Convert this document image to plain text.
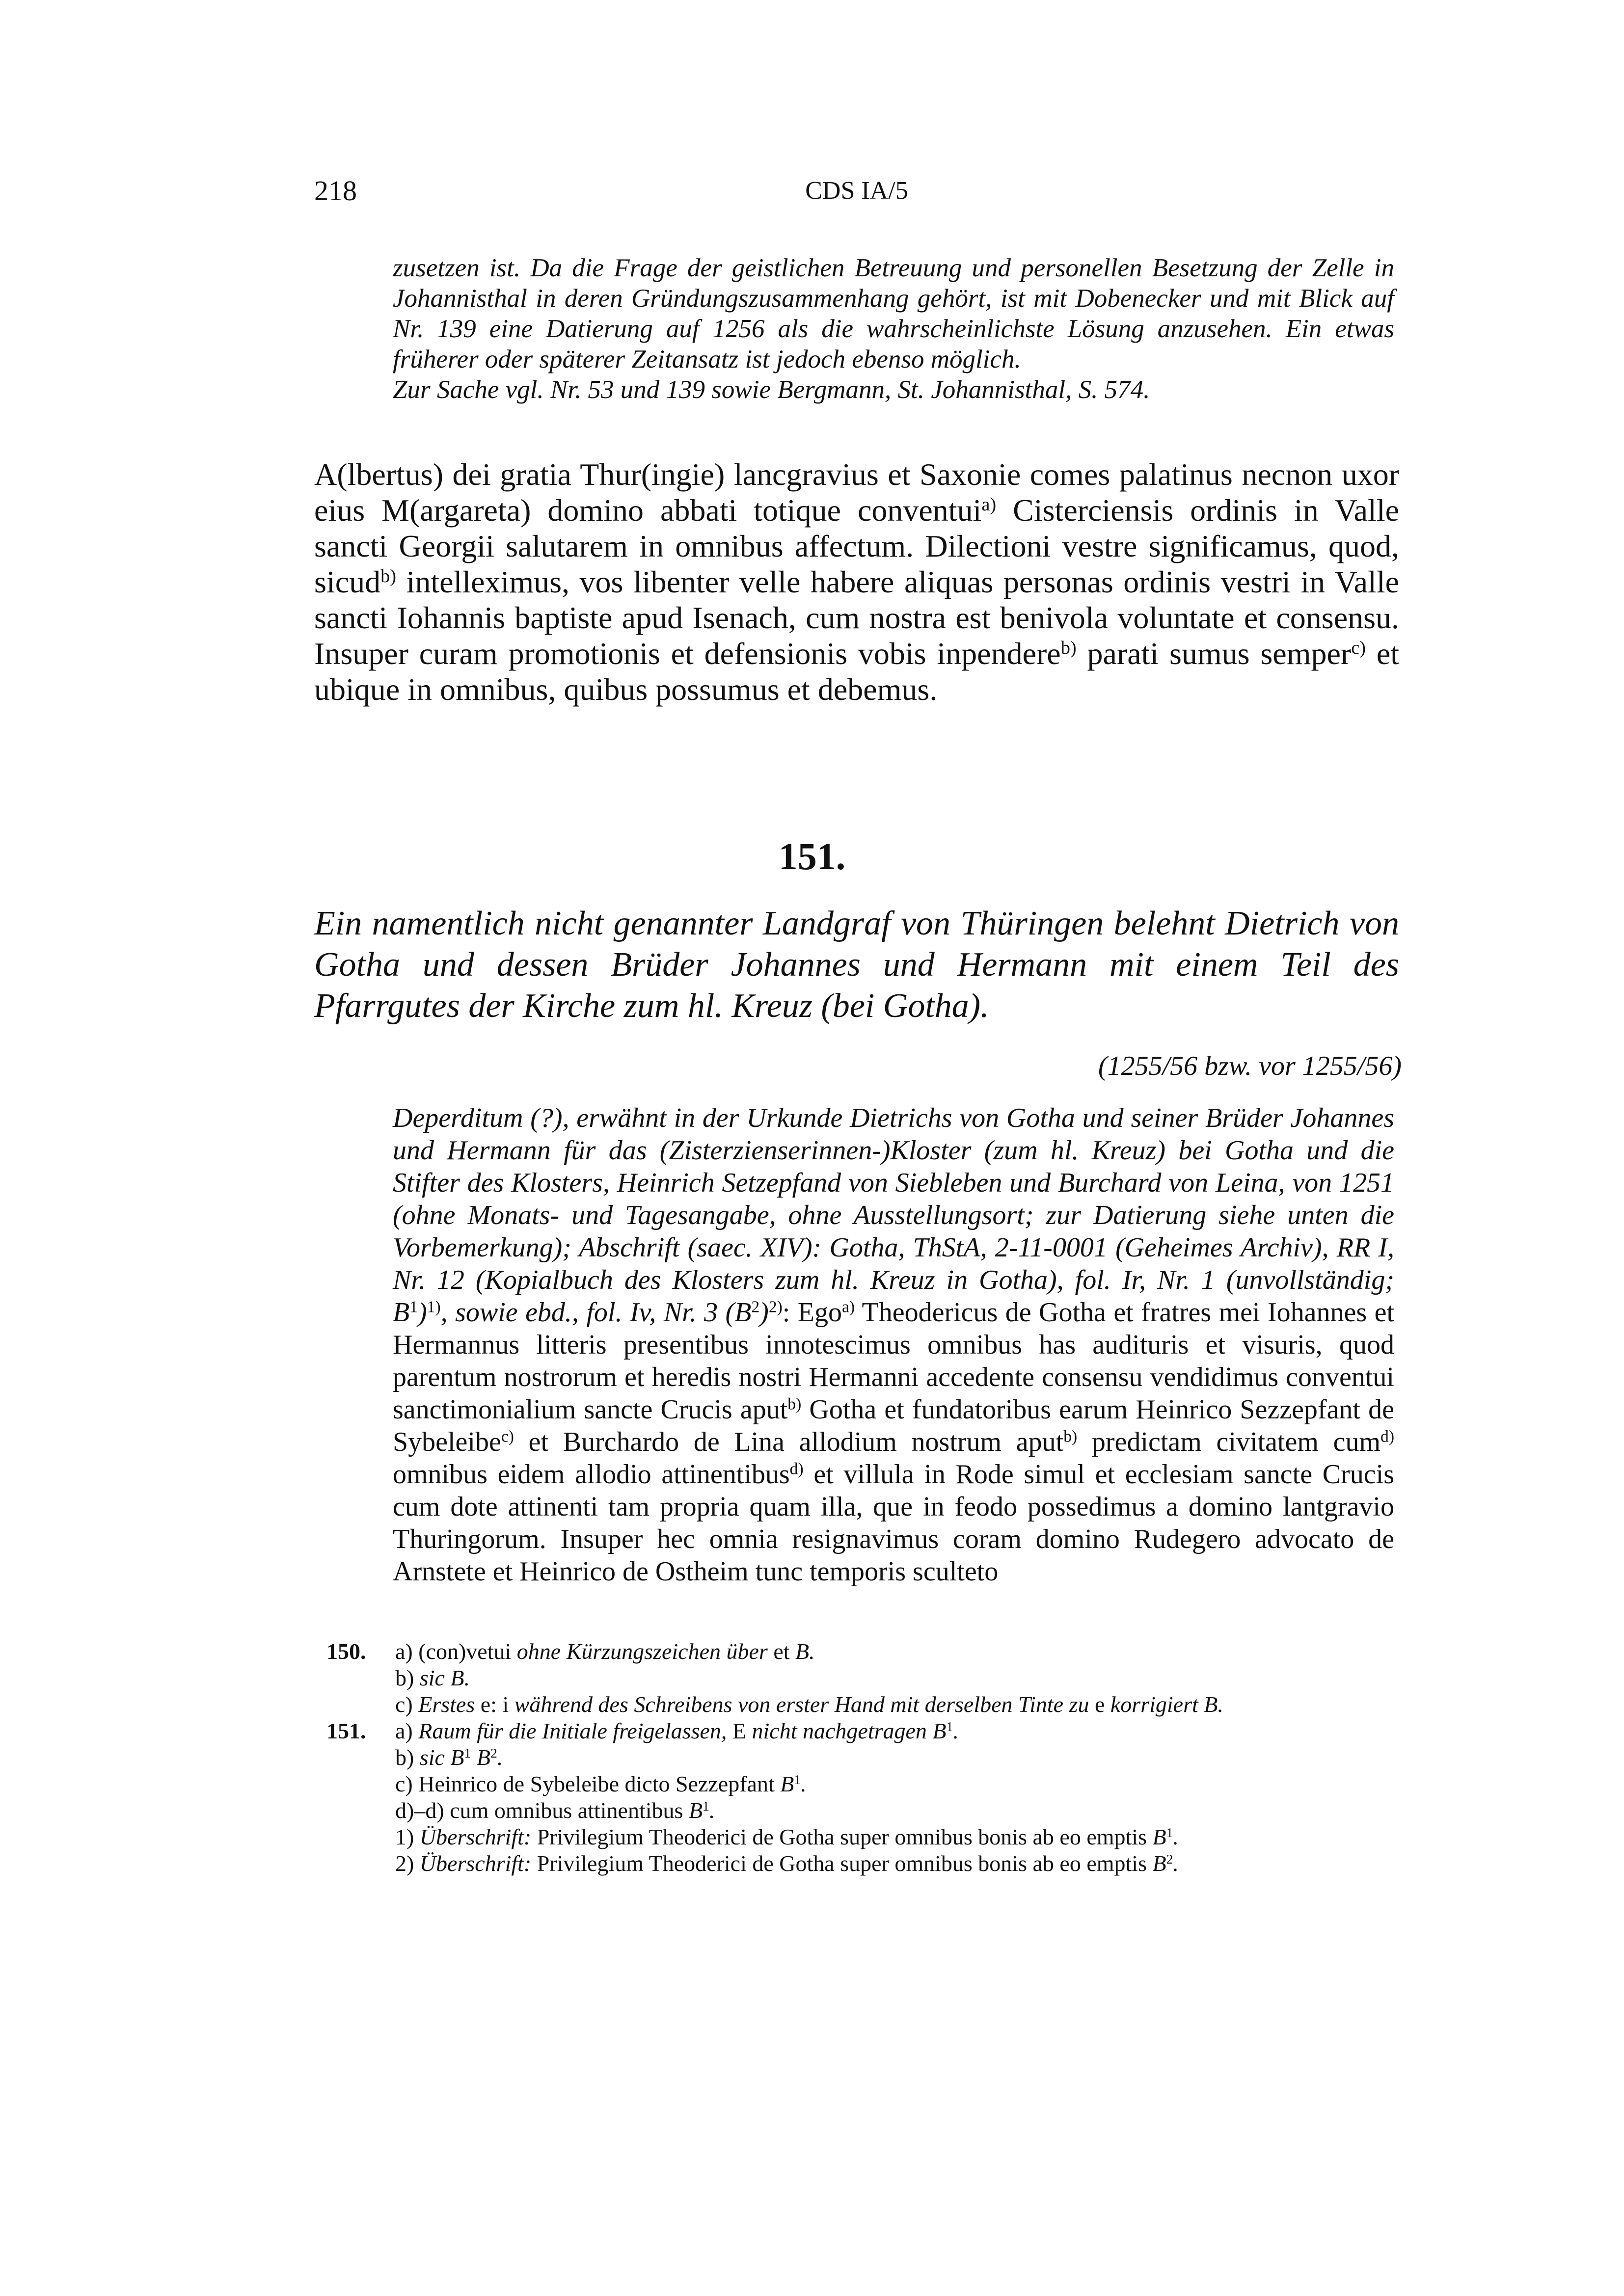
218	CDS IA/5

zusetzen ist. Da die Frage der geistlichen Betreuung und personellen Besetzung der Zelle in Johannisthal in deren Gründungszusammenhang gehört, ist mit Dobenecker und mit Blick auf Nr. 139 eine Datierung auf 1256 als die wahrscheinlichste Lösung anzusehen. Ein etwas früherer oder späterer Zeitansatz ist jedoch ebenso möglich.
Zur Sache vgl. Nr. 53 und 139 sowie Bergmann, St. Johannisthal, S. 574.

A(lbertus) dei gratia Thur(ingie) lancgravius et Saxonie comes palatinus necnon uxor eius M(argareta) domino abbati totique conventui$^{a)}$ Cisterciensis ordinis in Valle sancti Georgii salutarem in omnibus affectum. Dilectioni vestre significamus, quod, sicud$^{b)}$ intelleximus, vos libenter velle habere aliquas personas ordinis vestri in Valle sancti Iohannis baptiste apud Isenach, cum nostra est benivola voluntate et consensu. Insuper curam promotionis et defensionis vobis inpendere$^{b)}$ parati sumus semper$^{c)}$ et ubique in omnibus, quibus possumus et debemus.

151.

Ein namentlich nicht genannter Landgraf von Thüringen belehnt Dietrich von Gotha und dessen Brüder Johannes und Hermann mit einem Teil des Pfarrgutes der Kirche zum hl. Kreuz (bei Gotha).

(1255/56 bzw. vor 1255/56)

Deperditum (?), erwähnt in der Urkunde Dietrichs von Gotha und seiner Brüder Johannes und Hermann für das (Zisterzienserinnen-)Kloster (zum hl. Kreuz) bei Gotha und die Stifter des Klosters, Heinrich Setzepfand von Siebleben und Burchard von Leina, von 1251 (ohne Monats- und Tagesangabe, ohne Ausstellungsort; zur Datierung siehe unten die Vorbemerkung); Abschrift (saec. XIV): Gotha, ThStA, 2-11-0001 (Geheimes Archiv), RR I, Nr. 12 (Kopialbuch des Klosters zum hl. Kreuz in Gotha), fol. Ir, Nr. 1 (unvollständig; $B^1)^{1)}$, sowie ebd., fol. Iv, Nr. 3 $(B^2)^{2)}$: Ego$^{a)}$ Theodericus de Gotha et fratres mei Iohannes et Hermannus litteris presentibus innotescimus omnibus has audituris et visuris, quod parentum nostrorum et heredis nostri Hermanni accedente consensu vendidimus conventui sanctimonialium sancte Crucis aput$^{b)}$ Gotha et fundatoribus earum Heinrico Sezzepfant de Sybeleibe$^{c)}$ et Burchardo de Lina allodium nostrum aput$^{b)}$ predictam civitatem cum$^{d)}$ omnibus eidem allodio attinentibus$^{d)}$ et villula in Rode simul et ecclesiam sancte Crucis cum dote attinenti tam propria quam illa, que in feodo possedimus a domino lantgravio Thuringorum. Insuper hec omnia resignavimus coram domino Rudegero advocato de Arnstete et Heinrico de Ostheim tunc temporis sculteto

150. a) (con)vetui ohne Kürzungszeichen über et B.
b) sic B.
c) Erstes e: i während des Schreibens von erster Hand mit derselben Tinte zu e korrigiert B.
151. a) Raum für die Initiale freigelassen, E nicht nachgetragen $B^1$.
b) sic $B^1$ $B^2$.
c) Heinrico de Sybeleibe dicto Sezzepfant $B^1$.
d)–d) cum omnibus attinentibus $B^1$.
1) Überschrift: Privilegium Theoderici de Gotha super omnibus bonis ab eo emptis $B^1$.
2) Überschrift: Privilegium Theoderici de Gotha super omnibus bonis ab eo emptis $B^2$.
